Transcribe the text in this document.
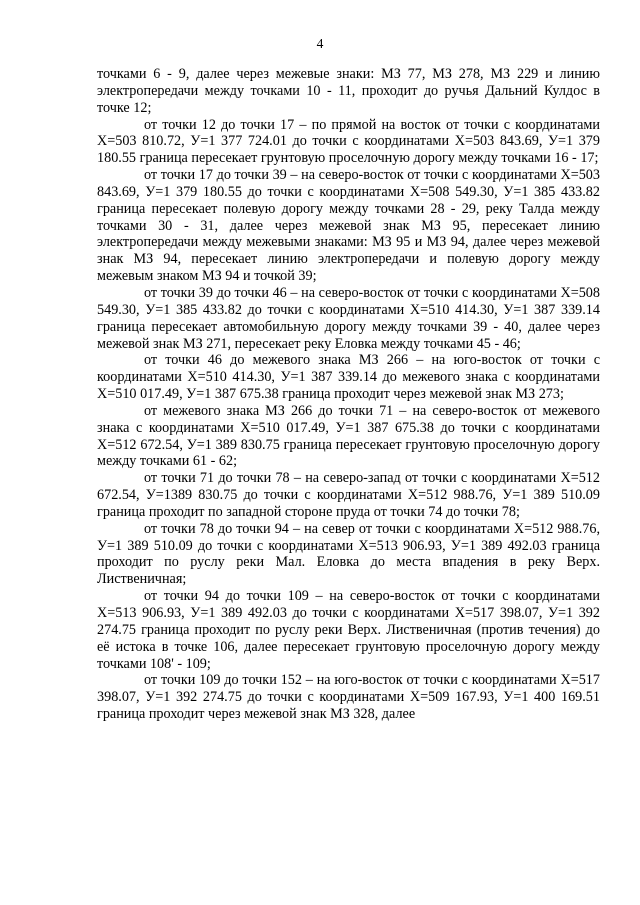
4

точками 6 - 9, далее через межевые знаки: МЗ 77, МЗ 278, МЗ 229 и линию электропередачи между точками 10 - 11, проходит до ручья Дальний Кулдос в точке 12;

от точки 12 до точки 17 – по прямой на восток от точки с координатами Х=503 810.72, У=1 377 724.01 до точки с координатами Х=503 843.69, У=1 379 180.55 граница пересекает грунтовую проселочную дорогу между точками 16 - 17;

от точки 17 до точки 39 – на северо-восток от точки с координатами Х=503 843.69, У=1 379 180.55 до точки с координатами Х=508 549.30, У=1 385 433.82 граница пересекает полевую дорогу между точками 28 - 29, реку Талда между точками 30 - 31, далее через межевой знак МЗ 95, пересекает линию электропередачи между межевыми знаками: МЗ 95 и МЗ 94, далее через межевой знак МЗ 94, пересекает линию электропередачи и полевую дорогу между межевым знаком МЗ 94 и точкой 39;

от точки 39 до точки 46 – на северо-восток от точки с координатами Х=508 549.30, У=1 385 433.82 до точки с координатами Х=510 414.30, У=1 387 339.14 граница пересекает автомобильную дорогу между точками 39 - 40, далее через межевой знак МЗ 271, пересекает реку Еловка между точками 45 - 46;

от точки 46 до межевого знака МЗ 266 – на юго-восток от точки с координатами Х=510 414.30, У=1 387 339.14 до межевого знака с координатами Х=510 017.49, У=1 387 675.38 граница проходит через межевой знак МЗ 273;

от межевого знака МЗ 266 до точки 71 – на северо-восток от межевого знака с координатами Х=510 017.49, У=1 387 675.38 до точки с координатами Х=512 672.54, У=1 389 830.75 граница пересекает грунтовую проселочную дорогу между точками 61 - 62;

от точки 71 до точки 78 – на северо-запад от точки с координатами Х=512 672.54, У=1389 830.75 до точки с координатами Х=512 988.76, У=1 389 510.09 граница проходит по западной стороне пруда от точки 74 до точки 78;

от точки 78 до точки 94 – на север от точки с координатами Х=512 988.76, У=1 389 510.09 до точки с координатами Х=513 906.93, У=1 389 492.03 граница проходит по руслу реки Мал. Еловка до места впадения в реку Верх. Лиственичная;

от точки 94 до точки 109 – на северо-восток от точки с координатами Х=513 906.93, У=1 389 492.03 до точки с координатами Х=517 398.07, У=1 392 274.75 граница проходит по руслу реки Верх. Лиственичная (против течения) до её истока в точке 106, далее пересекает грунтовую проселочную дорогу между точками 108' - 109;

от точки 109 до точки 152 – на юго-восток от точки с координатами Х=517 398.07, У=1 392 274.75 до точки с координатами Х=509 167.93, У=1 400 169.51 граница проходит через межевой знак МЗ 328, далее
